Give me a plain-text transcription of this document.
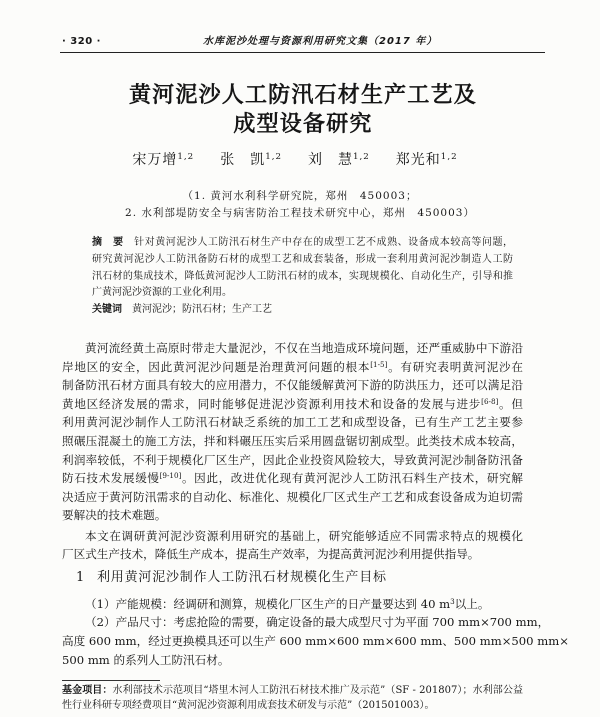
· 320 ·	水库泥沙处理与资源利用研究文集（2017 年）
黄河泥沙人工防汛石材生产工艺及
成型设备研究
宋万增$^{1,2}$ 张　凯$^{1,2}$ 刘　慧$^{1,2}$ 郑光和$^{1,2}$
（1. 黄河水利科学研究院，郑州　450003；
2. 水利部堤防安全与病害防治工程技术研究中心，郑州　450003）
摘　要 针对黄河泥沙人工防汛石材生产中存在的成型工艺不成熟、设备成本较高等问题，
研究黄河泥沙人工防汛备防石材的成型工艺和成套装备，形成一套利用黄河泥沙制造人工防
汛石材的集成技术，降低黄河泥沙人工防汛石材的成本，实现规模化、自动化生产，引导和推
广黄河泥沙资源的工业化利用。
关键词 黄河泥沙；防汛石材；生产工艺
黄河流经黄土高原时带走大量泥沙，不仅在当地造成环境问题，还严重威胁中下游沿
岸地区的安全，因此黄河泥沙问题是治理黄河问题的根本[1-5]。有研究表明黄河泥沙在
制备防汛石材方面具有较大的应用潜力，不仅能缓解黄河下游的防洪压力，还可以满足沿
黄地区经济发展的需求，同时能够促进泥沙资源利用技术和设备的发展与进步[6-8]。但
利用黄河泥沙制作人工防汛石材缺乏系统的加工工艺和成型设备，已有生产工艺主要参
照碾压混凝土的施工方法，拌和料碾压压实后采用圆盘锯切割成型。此类技术成本较高，
利润率较低，不利于规模化厂区生产，因此企业投资风险较大，导致黄河泥沙制备防汛备
防石技术发展缓慢[9-10]。因此，改进优化现有黄河泥沙人工防汛石料生产技术，研究解
决适应于黄河防汛需求的自动化、标准化、规模化厂区式生产工艺和成套设备成为迫切需
要解决的技术难题。
本文在调研黄河泥沙资源利用研究的基础上，研究能够适应不同需求特点的规模化
厂区式生产技术，降低生产成本，提高生产效率，为提高黄河泥沙利用提供指导。
1 利用黄河泥沙制作人工防汛石材规模化生产目标
（1）产能规模：经调研和测算，规模化厂区生产的日产量要达到 40 $m^3$以上。
（2）产品尺寸：考虑抢险的需要，确定设备的最大成型尺寸为平面 700 mm×700 mm，
高度 600 mm，经过更换模具还可以生产 600 mm×600 mm×600 mm、500 mm×500 mm×
500 mm 的系列人工防汛石材。
基金项目：水利部技术示范项目“塔里木河人工防汛石材技术推广及示范”（SF - 201807）；水利部公益
性行业科研专项经费项目“黄河泥沙资源利用成套技术研发与示范”（201501003）。
